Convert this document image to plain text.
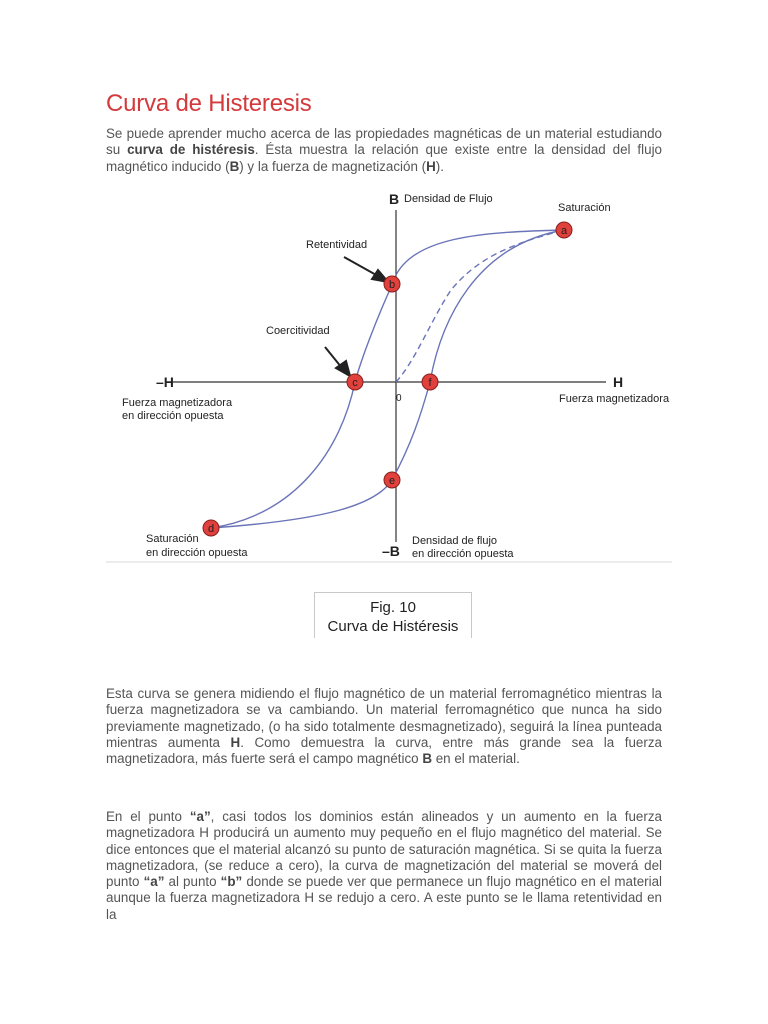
Curva de Histeresis

Se puede aprender mucho acerca de las propiedades magnéticas de un material estudiando su curva de histéresis. Ésta muestra la relación que existe entre la densidad del flujo magnético inducido (B) y la fuerza de magnetización (H).

a
b
c
d
e
f
B Densidad de Flujo
Saturación
Retentividad
Coercitividad
–H
Fuerza magnetizadora
en dirección opuesta
H
Fuerza magnetizadora
0
Saturación
en dirección opuesta	–B
Densidad de flujo
en dirección opuesta
Fig. 10
Curva de Histéresis

Esta curva se genera midiendo el flujo magnético de un material ferromagnético mientras la fuerza magnetizadora se va cambiando. Un material ferromagnético que nunca ha sido previamente magnetizado, (o ha sido totalmente desmagnetizado), seguirá la línea punteada mientras aumenta H. Como demuestra la curva, entre más grande sea la fuerza magnetizadora, más fuerte será el campo magnético B en el material.

En el punto “a”, casi todos los dominios están alineados y un aumento en la fuerza magnetizadora H producirá un aumento muy pequeño en el flujo magnético del material. Se dice entonces que el material alcanzó su punto de saturación magnética. Si se quita la fuerza magnetizadora, (se reduce a cero), la curva de magnetización del material se moverá del punto “a” al punto “b” donde se puede ver que permanece un flujo magnético en el material aunque la fuerza magnetizadora H se redujo a cero. A este punto se le llama retentividad en la
